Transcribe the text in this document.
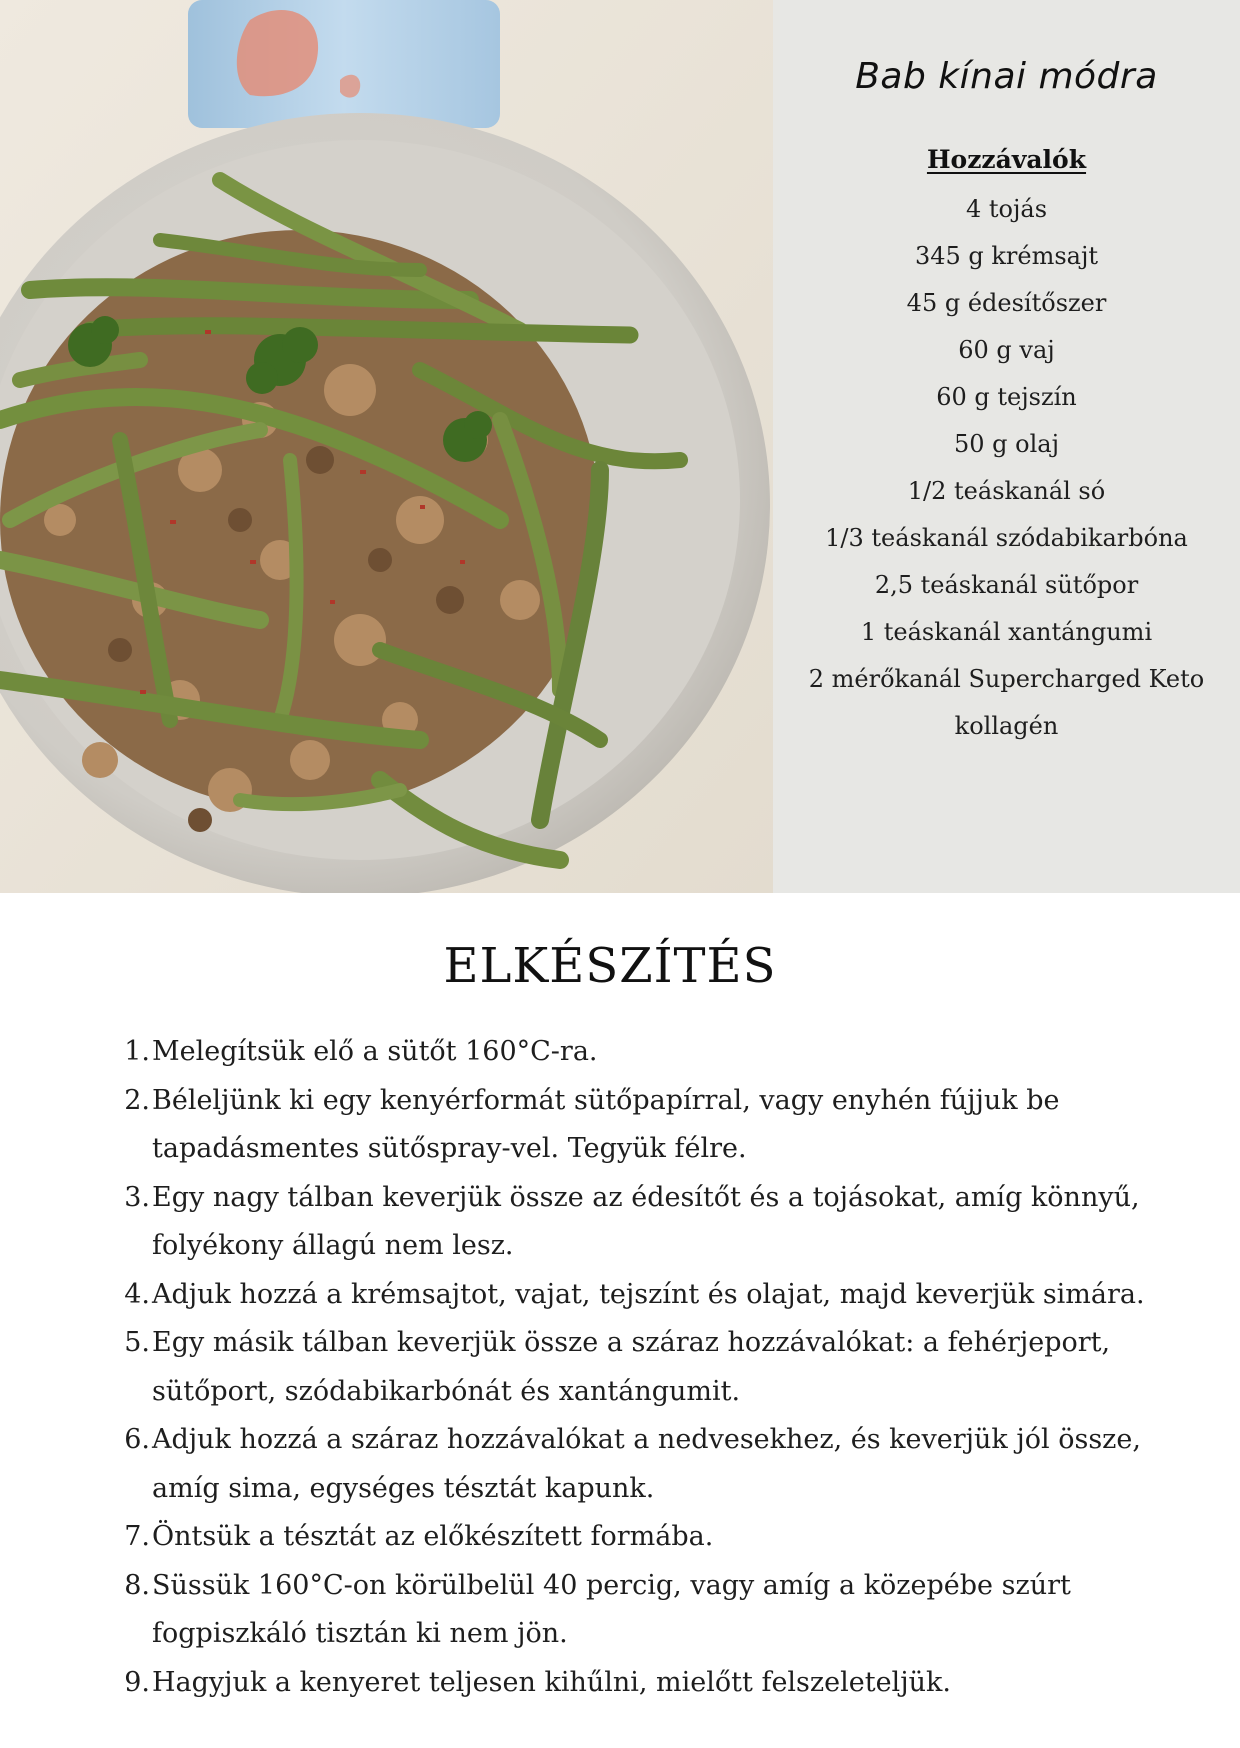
Bab kínai módra
Hozzávalók
4 tojás
345 g krémsajt
45 g édesítőszer
60 g vaj
60 g tejszín
50 g olaj
1/2 teáskanál só
1/3 teáskanál szódabikarbóna
2,5 teáskanál sütőpor
1 teáskanál xantángumi
2 mérőkanál Supercharged Keto kollagén
ELKÉSZÍTÉS
1. Melegítsük elő a sütőt 160°C-ra.
2. Béleljünk ki egy kenyérformát sütőpapírral, vagy enyhén fújjuk be tapadásmentes sütőspray-vel. Tegyük félre.
3. Egy nagy tálban keverjük össze az édesítőt és a tojásokat, amíg könnyű, folyékony állagú nem lesz.
4. Adjuk hozzá a krémsajtot, vajat, tejszínt és olajat, majd keverjük simára.
5. Egy másik tálban keverjük össze a száraz hozzávalókat: a fehérjeport, sütőport, szódabikarbónát és xantángumit.
6. Adjuk hozzá a száraz hozzávalókat a nedvesekhez, és keverjük jól össze, amíg sima, egységes tésztát kapunk.
7. Öntsük a tésztát az előkészített formába.
8. Süssük 160°C-on körülbelül 40 percig, vagy amíg a közepébe szúrt fogpiszkáló tisztán ki nem jön.
9. Hagyjuk a kenyeret teljesen kihűlni, mielőtt felszeleteljük.
